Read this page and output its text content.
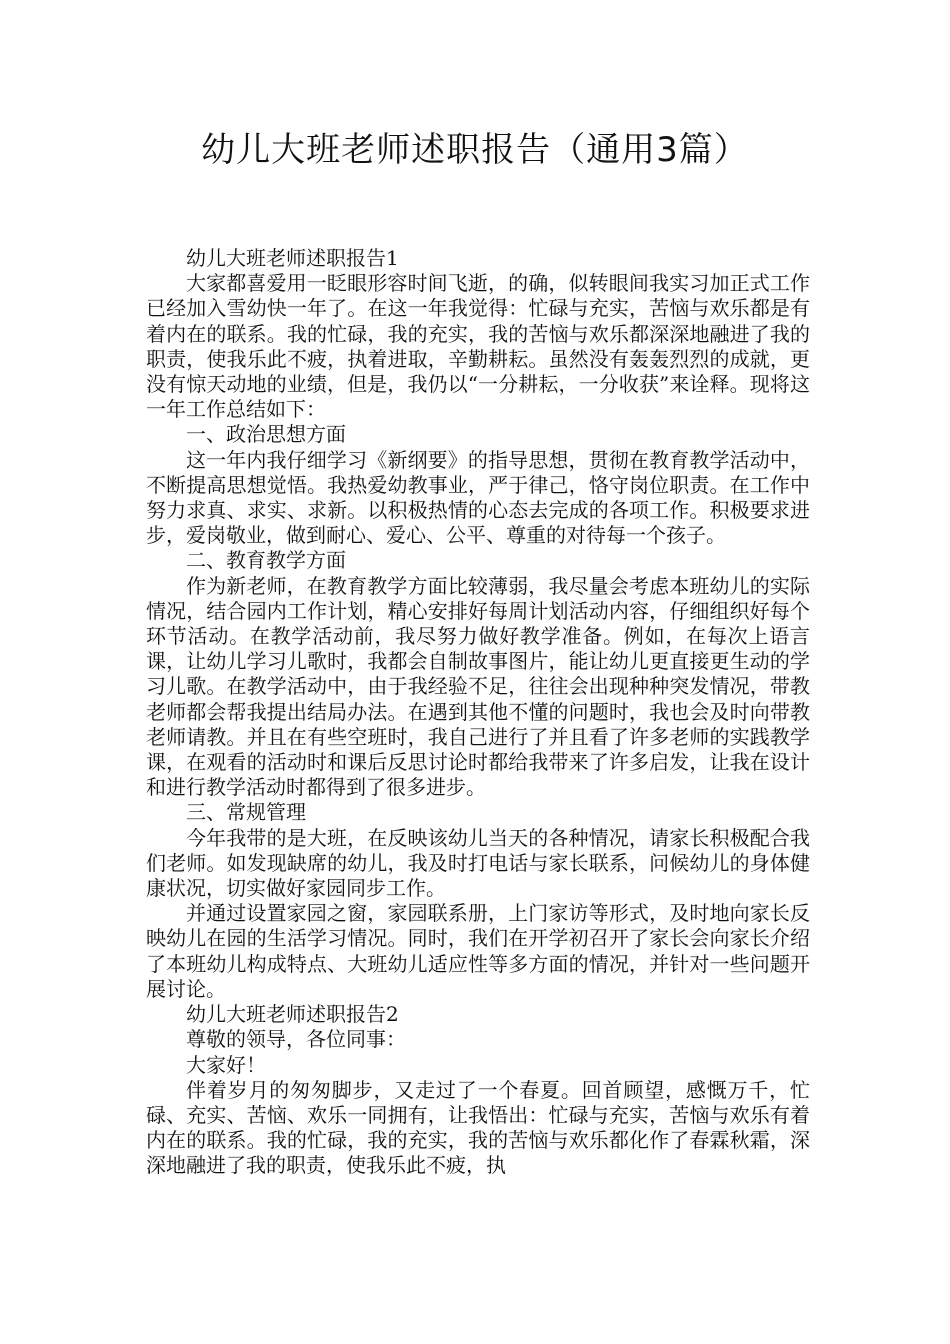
幼儿大班老师述职报告（通用3篇）

幼儿大班老师述职报告1

大家都喜爱用一眨眼形容时间飞逝，的确，似转眼间我实习加正式工作已经加入雪幼快一年了。在这一年我觉得：忙碌与充实，苦恼与欢乐都是有着内在的联系。我的忙碌，我的充实，我的苦恼与欢乐都深深地融进了我的职责，使我乐此不疲，执着进取，辛勤耕耘。虽然没有轰轰烈烈的成就，更没有惊天动地的业绩，但是，我仍以“一分耕耘，一分收获”来诠释。现将这一年工作总结如下：

一、政治思想方面

这一年内我仔细学习《新纲要》的指导思想，贯彻在教育教学活动中，不断提高思想觉悟。我热爱幼教事业，严于律己，恪守岗位职责。在工作中努力求真、求实、求新。以积极热情的心态去完成的各项工作。积极要求进步，爱岗敬业，做到耐心、爱心、公平、尊重的对待每一个孩子。

二、教育教学方面

作为新老师，在教育教学方面比较薄弱，我尽量会考虑本班幼儿的实际情况，结合园内工作计划，精心安排好每周计划活动内容，仔细组织好每个环节活动。在教学活动前，我尽努力做好教学准备。例如，在每次上语言课，让幼儿学习儿歌时，我都会自制故事图片，能让幼儿更直接更生动的学习儿歌。在教学活动中，由于我经验不足，往往会出现种种突发情况，带教老师都会帮我提出结局办法。在遇到其他不懂的问题时，我也会及时向带教老师请教。并且在有些空班时，我自己进行了并且看了许多老师的实践教学课，在观看的活动时和课后反思讨论时都给我带来了许多启发，让我在设计和进行教学活动时都得到了很多进步。

三、常规管理

今年我带的是大班，在反映该幼儿当天的各种情况，请家长积极配合我们老师。如发现缺席的幼儿，我及时打电话与家长联系，问候幼儿的身体健康状况，切实做好家园同步工作。

并通过设置家园之窗，家园联系册，上门家访等形式，及时地向家长反映幼儿在园的生活学习情况。同时，我们在开学初召开了家长会向家长介绍了本班幼儿构成特点、大班幼儿适应性等多方面的情况，并针对一些问题开展讨论。

幼儿大班老师述职报告2

尊敬的领导，各位同事：

大家好！

伴着岁月的匆匆脚步，又走过了一个春夏。回首顾望，感慨万千，忙碌、充实、苦恼、欢乐一同拥有，让我悟出：忙碌与充实，苦恼与欢乐有着内在的联系。我的忙碌，我的充实，我的苦恼与欢乐都化作了春霖秋霜，深深地融进了我的职责，使我乐此不疲，执
